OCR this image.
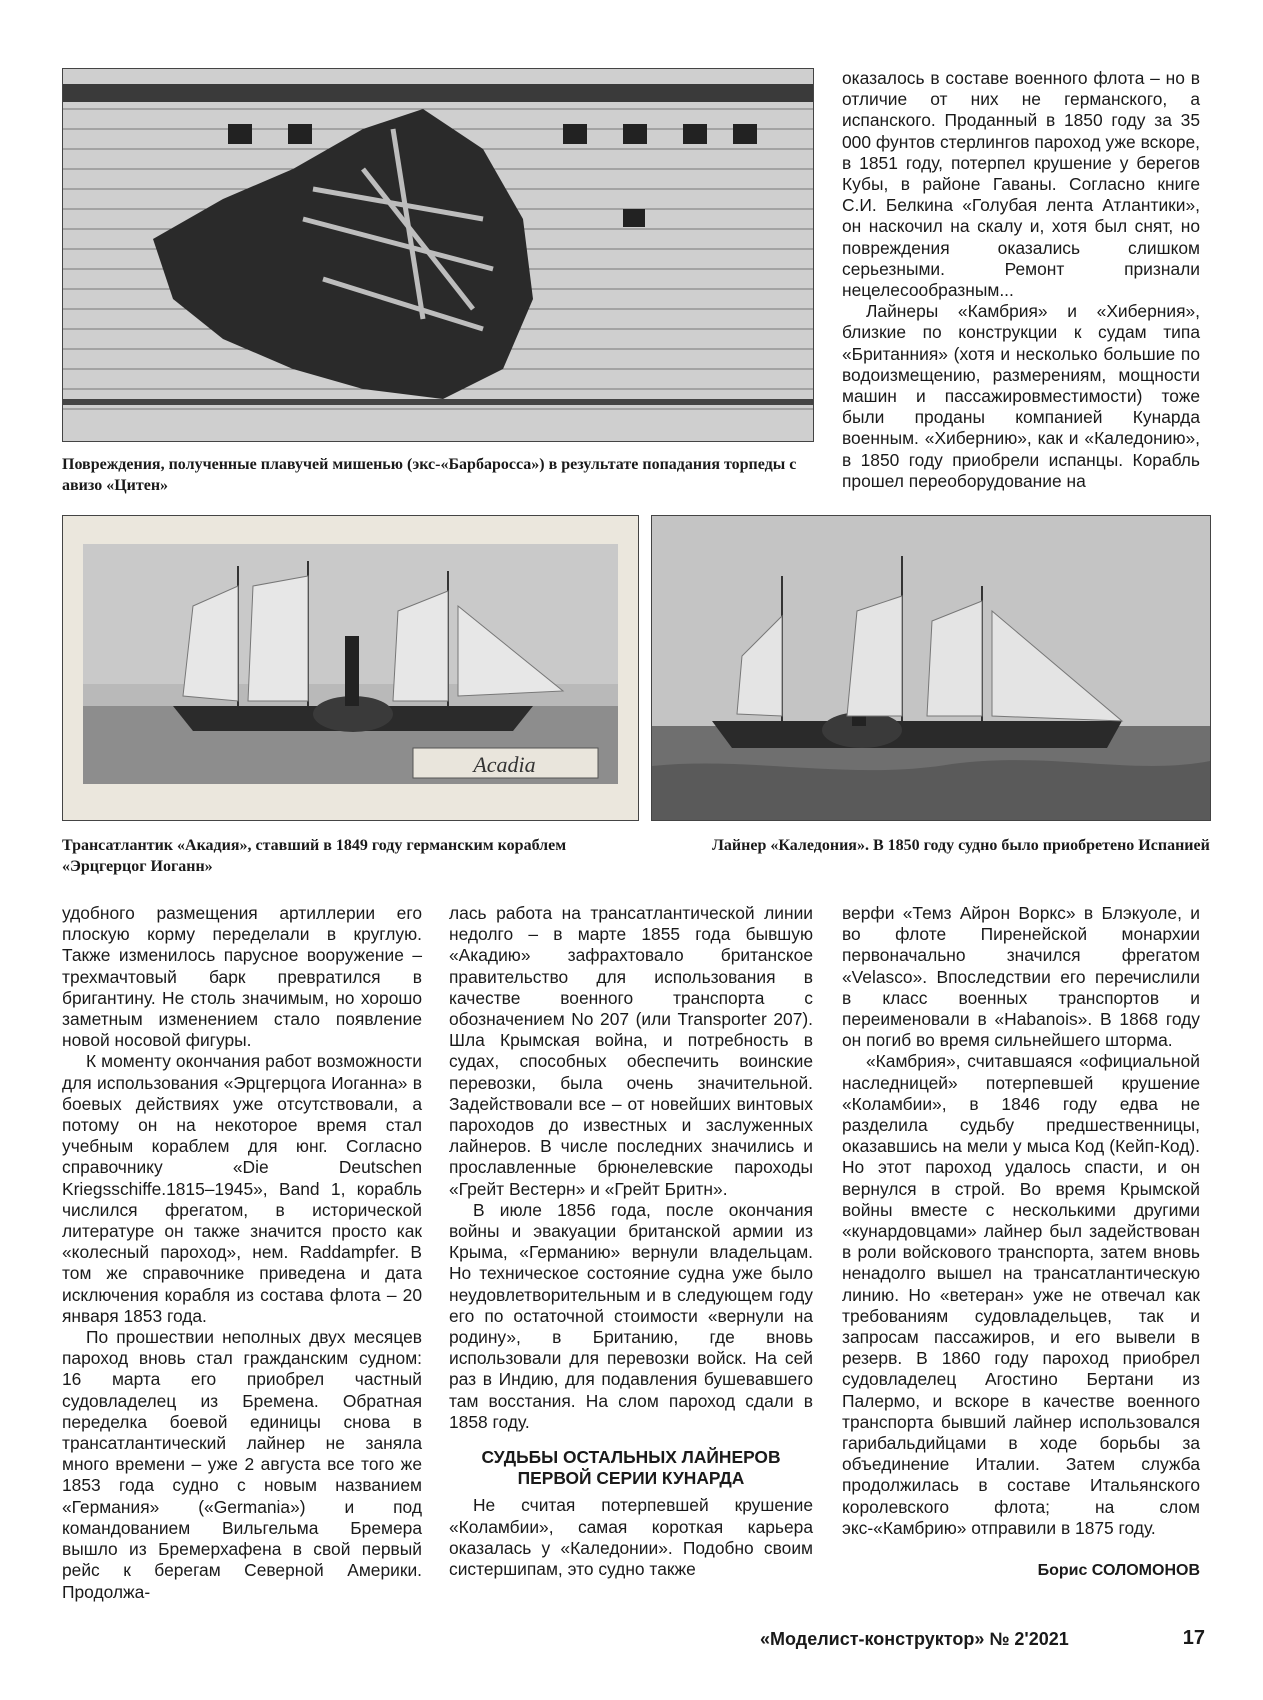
Повреждения, полученные плавучей мишенью (экс-«Барбаросса») в результате попадания торпеды с авизо «Цитен»

оказалось в составе военного флота – но в отличие от них не германского, а испанского. Проданный в 1850 году за 35 000 фунтов стерлингов пароход уже вскоре, в 1851 году, потерпел крушение у берегов Кубы, в районе Гаваны. Согласно книге С.И. Белкина «Голубая лента Атлантики», он наскочил на скалу и, хотя был снят, но повреждения оказались слишком серьезными. Ремонт признали нецелесообразным...

Лайнеры «Камбрия» и «Хиберния», близкие по конструкции к судам типа «Британния» (хотя и несколько большие по водоизмещению, размерениям, мощности машин и пассажировместимости) тоже были проданы компанией Кунарда военным. «Хибернию», как и «Каледонию», в 1850 году приобрели испанцы. Корабль прошел переоборудование на

Acadia
Трансатлантик «Акадия», ставший в 1849 году германским кораблем «Эрцгерцог Иоганн»
Лайнер «Каледония». В 1850 году судно было приобретено Испанией

удобного размещения артиллерии его плоскую корму переделали в круглую. Также изменилось парусное вооружение – трехмачтовый барк превратился в бригантину. Не столь значимым, но хорошо заметным изменением стало появление новой носовой фигуры.

К моменту окончания работ возможности для использования «Эрцгерцога Иоганна» в боевых действиях уже отсутствовали, а потому он на некоторое время стал учебным кораблем для юнг. Согласно справочнику «Die Deutschen Kriegsschiffe.1815–1945», Band 1, корабль числился фрегатом, в исторической литературе он также значится просто как «колесный пароход», нем. Raddampfer. В том же справочнике приведена и дата исключения корабля из состава флота – 20 января 1853 года.

По прошествии неполных двух месяцев пароход вновь стал гражданским судном: 16 марта его приобрел частный судовладелец из Бремена. Обратная переделка боевой единицы снова в трансатлантический лайнер не заняла много времени – уже 2 августа все того же 1853 года судно с новым названием «Германия» («Germania») и под командованием Вильгельма Бремера вышло из Бремерхафена в свой первый рейс к берегам Северной Америки. Продолжа-

лась работа на трансатлантической линии недолго – в марте 1855 года бывшую «Акадию» зафрахтовало британское правительство для использования в качестве военного транспорта с обозначением No 207 (или Transporter 207). Шла Крымская война, и потребность в судах, способных обеспечить воинские перевозки, была очень значительной. Задействовали все – от новейших винтовых пароходов до известных и заслуженных лайнеров. В числе последних значились и прославленные брюнелевские пароходы «Грейт Вестерн» и «Грейт Бритн».

В июле 1856 года, после окончания войны и эвакуации британской армии из Крыма, «Германию» вернули владельцам. Но техническое состояние судна уже было неудовлетворительным и в следующем году его по остаточной стоимости «вернули на родину», в Британию, где вновь использовали для перевозки войск. На сей раз в Индию, для подавления бушевавшего там восстания. На слом пароход сдали в 1858 году.

СУДЬБЫ ОСТАЛЬНЫХ ЛАЙНЕРОВ
ПЕРВОЙ СЕРИИ КУНАРДА

Не считая потерпевшей крушение «Коламбии», самая короткая карьера оказалась у «Каледонии». Подобно своим систершипам, это судно также

верфи «Темз Айрон Воркс» в Блэкуоле, и во флоте Пиренейской монархии первоначально значился фрегатом «Velasco». Впоследствии его перечислили в класс военных транспортов и переименовали в «Habanois». В 1868 году он погиб во время сильнейшего шторма.

«Камбрия», считавшаяся «официальной наследницей» потерпевшей крушение «Коламбии», в 1846 году едва не разделила судьбу предшественницы, оказавшись на мели у мыса Код (Кейп-Код). Но этот пароход удалось спасти, и он вернулся в строй. Во время Крымской войны вместе с несколькими другими «кунардовцами» лайнер был задействован в роли войскового транспорта, затем вновь ненадолго вышел на трансатлантическую линию. Но «ветеран» уже не отвечал как требованиям судовладельцев, так и запросам пассажиров, и его вывели в резерв. В 1860 году пароход приобрел судовладелец Агостино Бертани из Палермо, и вскоре в качестве военного транспорта бывший лайнер использовался гарибальдийцами в ходе борьбы за объединение Италии. Затем служба продолжилась в составе Итальянского королевского флота; на слом экс-«Камбрию» отправили в 1875 году.

Борис СОЛОМОНОВ
«Моделист-конструктор» № 2'2021	17
